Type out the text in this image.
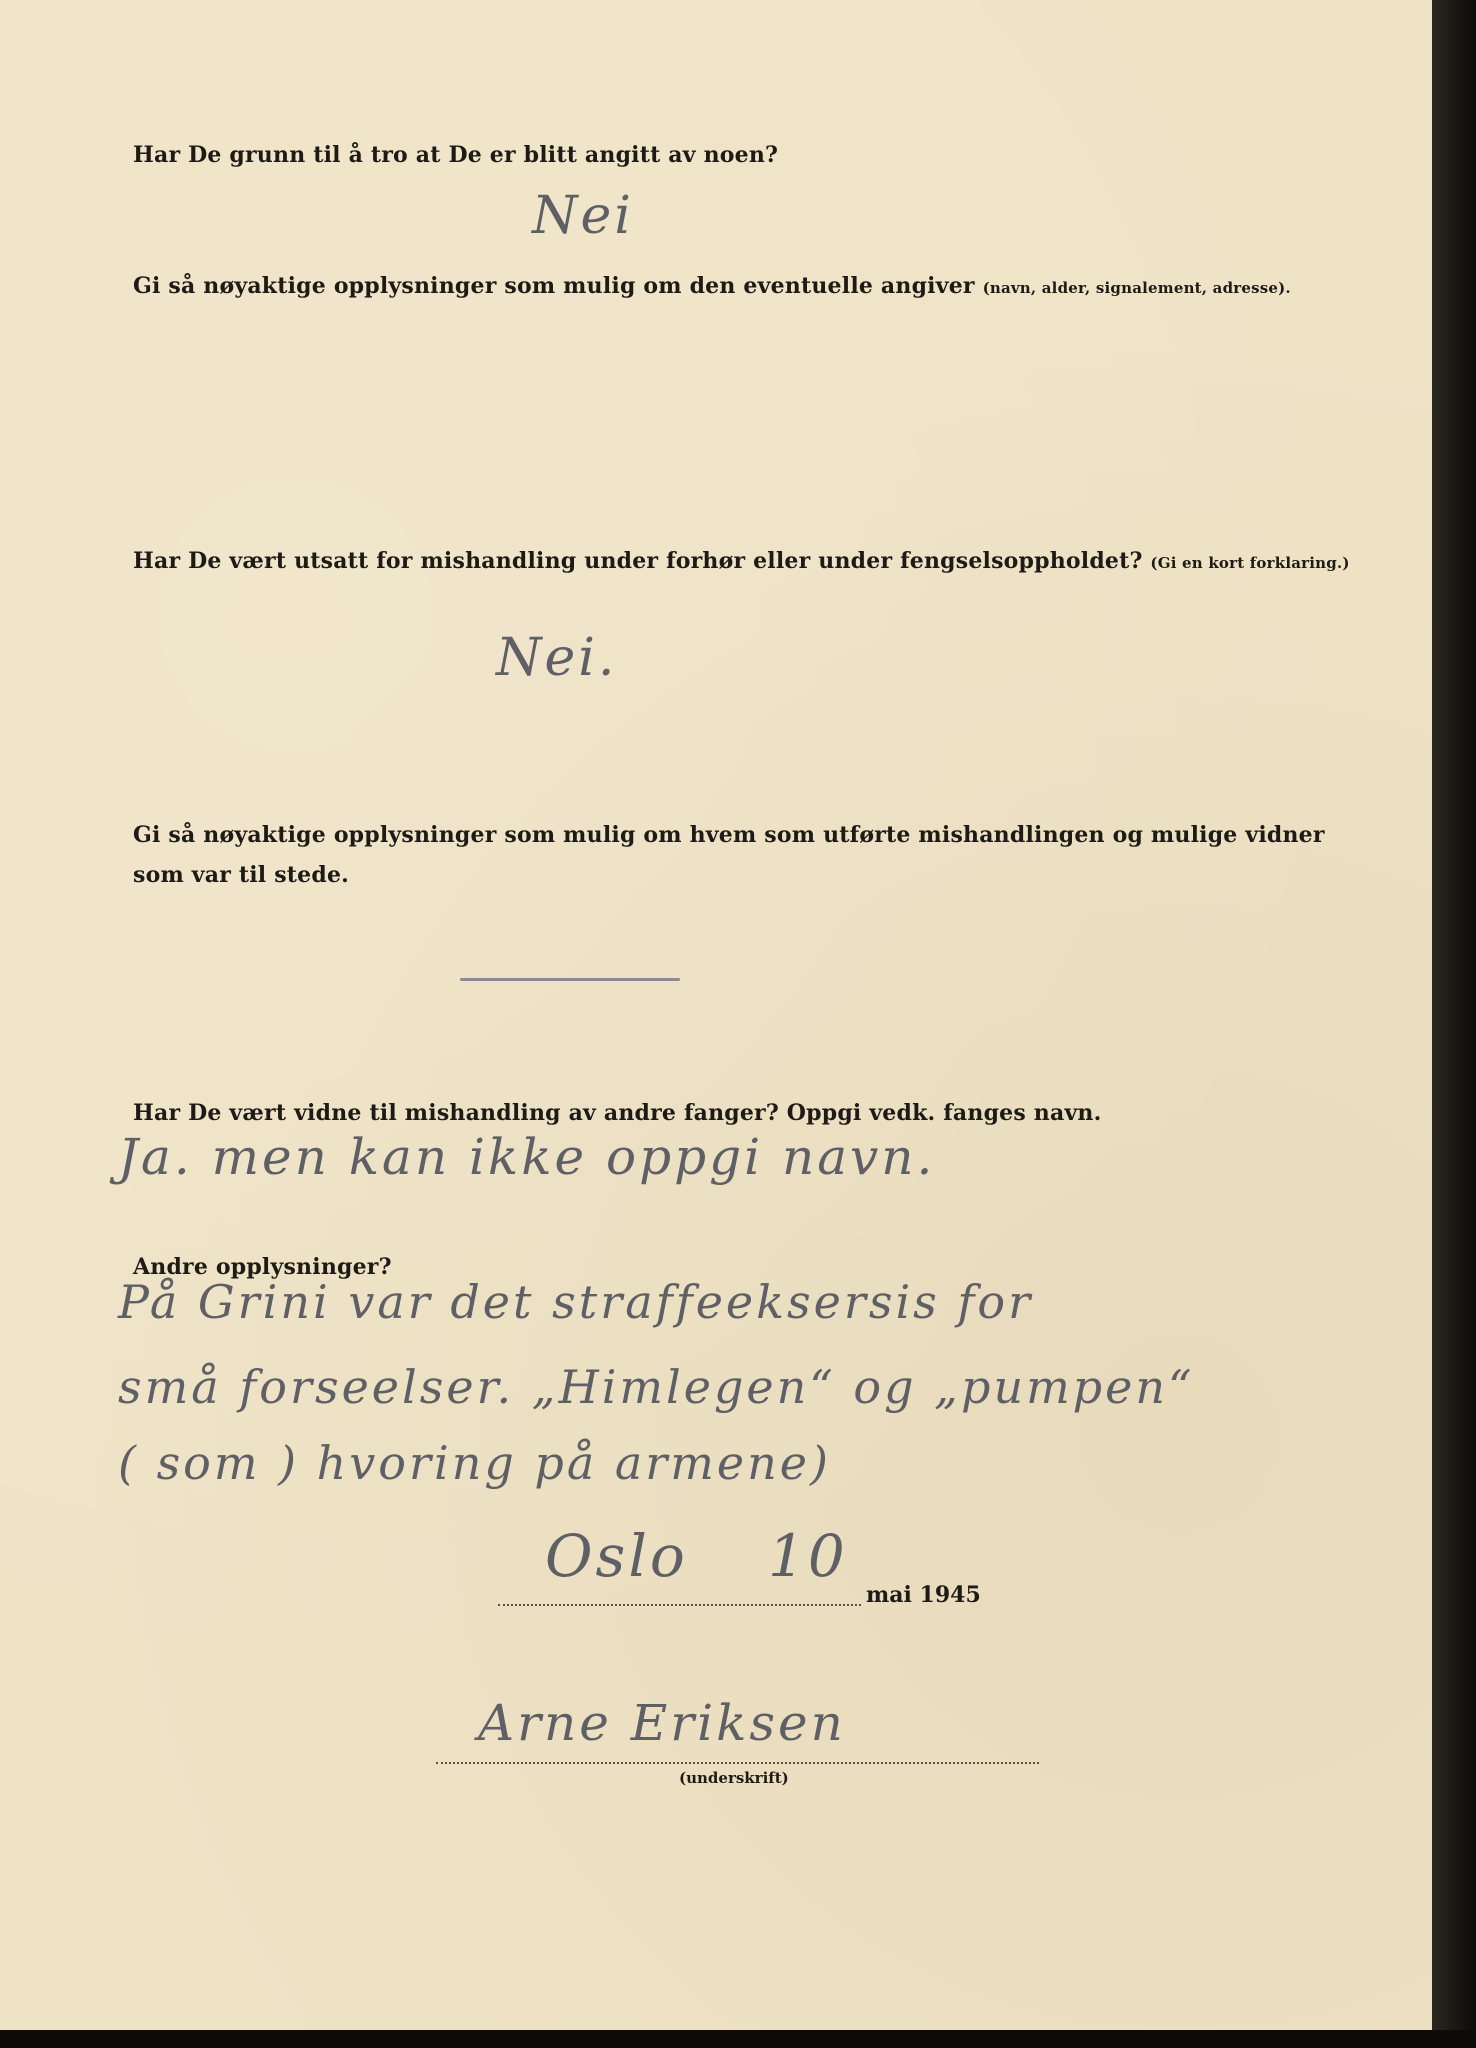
Har De grunn til å tro at De er blitt angitt av noen?
Nei
Gi så nøyaktige opplysninger som mulig om den eventuelle angiver (navn, alder, signalement, adresse).
Har De vært utsatt for mishandling under forhør eller under fengselsoppholdet? (Gi en kort forklaring.)
Nei.
Gi så nøyaktige opplysninger som mulig om hvem som utførte mishandlingen og mulige vidner som var til stede.
Har De vært vidne til mishandling av andre fanger? Oppgi vedk. fanges navn.
Ja. men kan ikke oppgi navn.
Andre opplysninger?
På Grini var det straffeeksersis for
små forseelser. „Himlegen“ og „pumpen“
( som ) hvoring på armene)
Oslo 10
mai 1945
Arne Eriksen
(underskrift)
